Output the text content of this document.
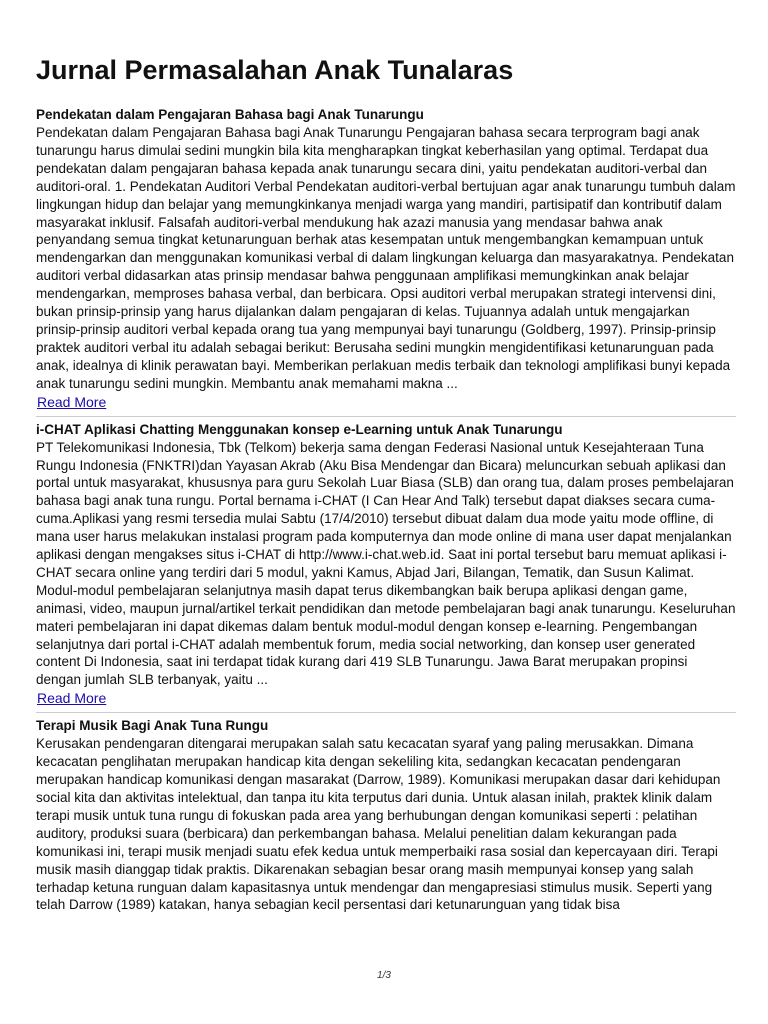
Jurnal Permasalahan Anak Tunalaras
Pendekatan dalam Pengajaran Bahasa bagi Anak Tunarungu

Pendekatan dalam Pengajaran Bahasa bagi Anak Tunarungu Pengajaran bahasa secara terprogram bagi anak tunarungu harus dimulai sedini mungkin bila kita mengharapkan tingkat keberhasilan yang optimal. Terdapat dua pendekatan dalam pengajaran bahasa kepada anak tunarungu secara dini, yaitu pendekatan auditori-verbal dan auditori-oral. 1. Pendekatan Auditori Verbal Pendekatan auditori-verbal bertujuan agar anak tunarungu tumbuh dalam lingkungan hidup dan belajar yang memungkinkanya menjadi warga yang mandiri, partisipatif dan kontributif dalam masyarakat inklusif. Falsafah auditori-verbal mendukung hak azazi manusia yang mendasar bahwa anak penyandang semua tingkat ketunarunguan berhak atas kesempatan untuk mengembangkan kemampuan untuk mendengarkan dan menggunakan komunikasi verbal di dalam lingkungan keluarga dan masyarakatnya. Pendekatan auditori verbal didasarkan atas prinsip mendasar bahwa penggunaan amplifikasi memungkinkan anak belajar mendengarkan, memproses bahasa verbal, dan berbicara. Opsi auditori verbal merupakan strategi intervensi dini, bukan prinsip-prinsip yang harus dijalankan dalam pengajaran di kelas. Tujuannya adalah untuk mengajarkan prinsip-prinsip auditori verbal kepada orang tua yang mempunyai bayi tunarungu (Goldberg, 1997). Prinsip-prinsip praktek auditori verbal itu adalah sebagai berikut: Berusaha sedini mungkin mengidentifikasi ketunarunguan pada anak, idealnya di klinik perawatan bayi. Memberikan perlakuan medis terbaik dan teknologi amplifikasi bunyi kepada anak tunarungu sedini mungkin. Membantu anak memahami makna ...

Read More
i-CHAT Aplikasi Chatting Menggunakan konsep e-Learning untuk Anak Tunarungu

PT Telekomunikasi Indonesia, Tbk (Telkom) bekerja sama dengan Federasi Nasional untuk Kesejahteraan Tuna Rungu Indonesia (FNKTRI)dan Yayasan Akrab (Aku Bisa Mendengar dan Bicara) meluncurkan sebuah aplikasi dan portal untuk masyarakat, khususnya para guru Sekolah Luar Biasa (SLB) dan orang tua, dalam proses pembelajaran bahasa bagi anak tuna rungu. Portal bernama i-CHAT (I Can Hear And Talk) tersebut dapat diakses secara cuma-cuma.Aplikasi yang resmi tersedia mulai Sabtu (17/4/2010) tersebut dibuat dalam dua mode yaitu mode offline, di mana user harus melakukan instalasi program pada komputernya dan mode online di mana user dapat menjalankan aplikasi dengan mengakses situs i-CHAT di http://www.i-chat.web.id. Saat ini portal tersebut baru memuat aplikasi i-CHAT secara online yang terdiri dari 5 modul, yakni Kamus, Abjad Jari, Bilangan, Tematik, dan Susun Kalimat. Modul-modul pembelajaran selanjutnya masih dapat terus dikembangkan baik berupa aplikasi dengan game, animasi, video, maupun jurnal/artikel terkait pendidikan dan metode pembelajaran bagi anak tunarungu. Keseluruhan materi pembelajaran ini dapat dikemas dalam bentuk modul-modul dengan konsep e-learning. Pengembangan selanjutnya dari portal i-CHAT adalah membentuk forum, media social networking, dan konsep user generated content Di Indonesia, saat ini terdapat tidak kurang dari 419 SLB Tunarungu. Jawa Barat merupakan propinsi dengan jumlah SLB terbanyak, yaitu ...

Read More
Terapi Musik Bagi Anak Tuna Rungu

Kerusakan pendengaran ditengarai merupakan salah satu kecacatan syaraf yang paling merusakkan. Dimana kecacatan penglihatan merupakan handicap kita dengan sekeliling kita, sedangkan kecacatan pendengaran merupakan handicap komunikasi dengan masarakat (Darrow, 1989). Komunikasi merupakan dasar dari kehidupan social kita dan aktivitas intelektual, dan tanpa itu kita terputus dari dunia. Untuk alasan inilah, praktek klinik dalam terapi musik untuk tuna rungu di fokuskan pada area yang berhubungan dengan komunikasi seperti : pelatihan auditory, produksi suara (berbicara) dan perkembangan bahasa. Melalui penelitian dalam kekurangan pada komunikasi ini, terapi musik menjadi suatu efek kedua untuk memperbaiki rasa sosial dan kepercayaan diri. Terapi musik masih dianggap tidak praktis. Dikarenakan sebagian besar orang masih mempunyai konsep yang salah terhadap ketuna runguan dalam kapasitasnya untuk mendengar dan mengapresiasi stimulus musik. Seperti yang telah Darrow (1989) katakan, hanya sebagian kecil persentasi dari ketunarunguan yang tidak bisa

1/3
